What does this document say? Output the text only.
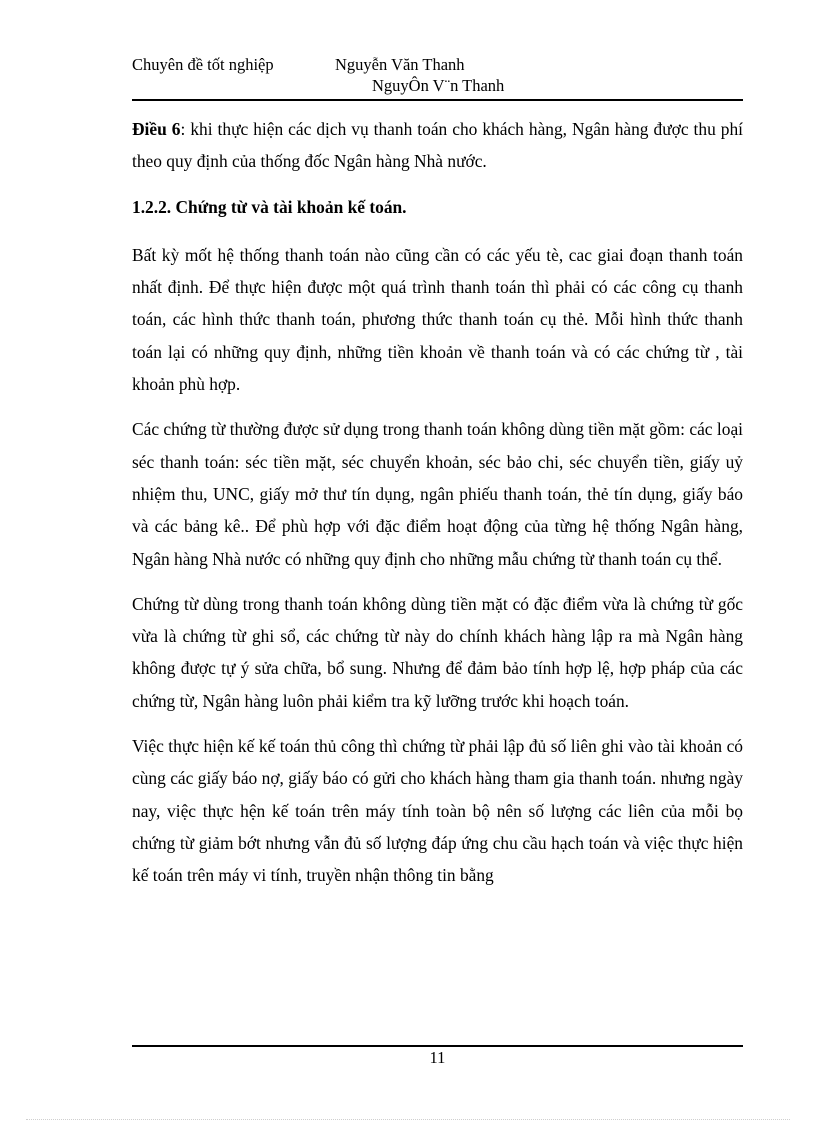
Chuyên đề tốt nghiệp	Nguyễn Văn Thanh
NguyÔn V¨n Thanh

Điều 6: khi thực hiện các dịch vụ thanh toán cho khách hàng, Ngân hàng được thu phí theo quy định của thống đốc Ngân hàng Nhà nước.

1.2.2. Chứng từ và tài khoản kế toán.

Bất kỳ mốt hệ thống thanh toán nào cũng cần có các yếu tè, cac giai đoạn thanh toán nhất định. Để thực hiện được một quá trình thanh toán thì phải có các công cụ thanh toán, các hình thức thanh toán, phương thức thanh toán cụ thẻ. Mỗi hình thức thanh toán lại có những quy định, những tiền khoản về thanh toán và có các chứng từ , tài khoản phù hợp.

Các chứng từ thường được sử dụng trong thanh toán không dùng tiền mặt gồm: các loại séc thanh toán: séc tiền mặt, séc chuyển khoản, séc bảo chi, séc chuyển tiền, giấy uỷ nhiệm thu, UNC, giấy mở thư tín dụng, ngân phiếu thanh toán, thẻ tín dụng, giấy báo và các bảng kê.. Để phù hợp với đặc điểm hoạt động của từng hệ thống Ngân hàng, Ngân hàng Nhà nước có những quy định cho những mẫu chứng từ thanh toán cụ thể.

Chứng từ dùng trong thanh toán không dùng tiền mặt có đặc điểm vừa là chứng từ gốc vừa là chứng từ ghi sổ, các chứng từ này do chính khách hàng lập ra mà Ngân hàng không được tự ý sửa chữa, bổ sung. Nhưng để đảm bảo tính hợp lệ, hợp pháp của các chứng từ, Ngân hàng luôn phải kiểm tra kỹ lưỡng trước khi hoạch toán.

Việc thực hiện kế kế toán thủ công thì chứng từ phải lập đủ số liên ghi vào tài khoản có cùng các giấy báo nợ, giấy báo có gửi cho khách hàng tham gia thanh toán. nhưng ngày nay, việc thực hện kế toán trên máy tính toàn bộ nên số lượng các liên của mỗi bọ chứng từ giảm bớt nhưng vẫn đủ số lượng đáp ứng chu cầu hạch toán và việc thực hiện kế toán trên máy vi tính, truyền nhận thông tin bằng

11
